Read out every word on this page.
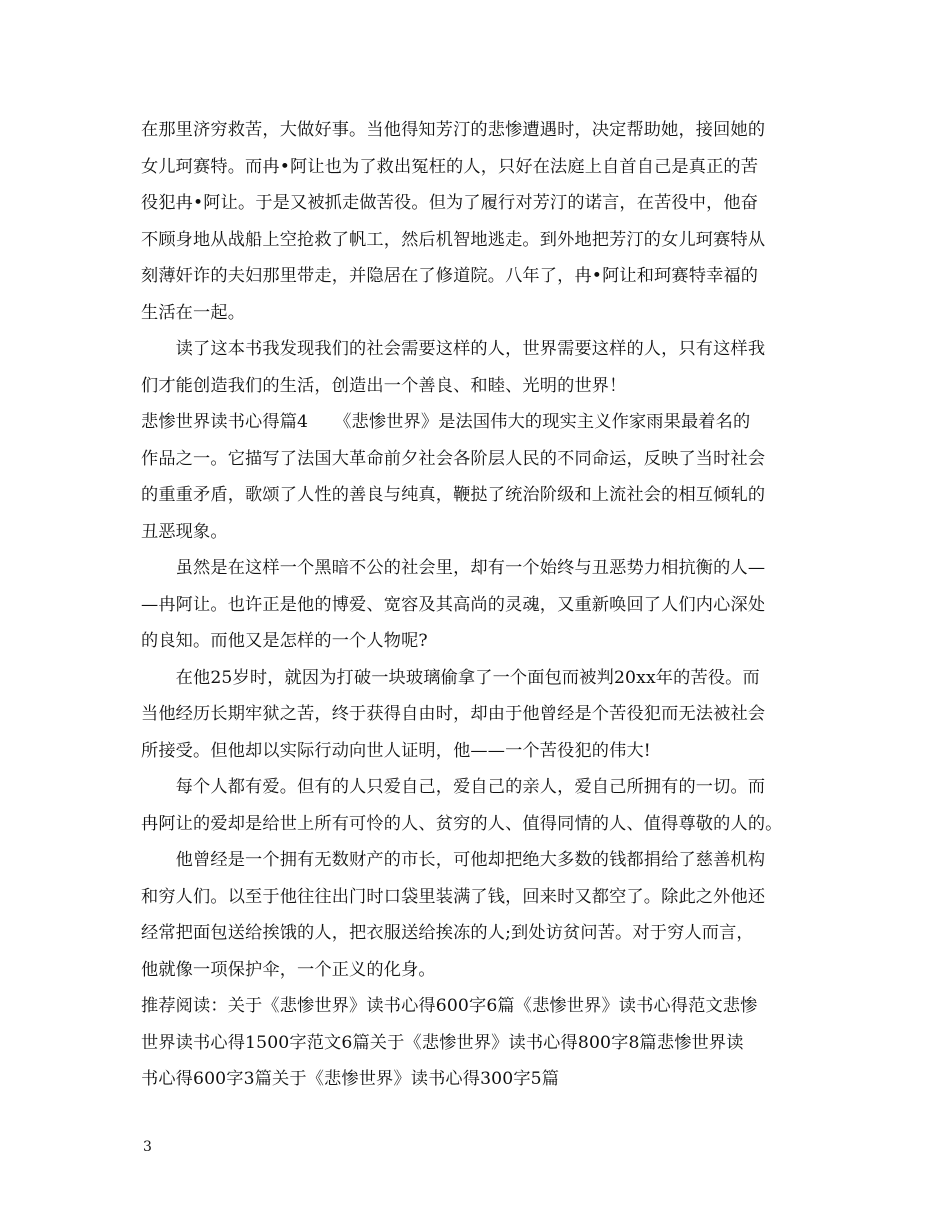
在那里济穷救苦，大做好事。当他得知芳汀的悲惨遭遇时，决定帮助她，接回她的
女儿珂赛特。而冉•阿让也为了救出冤枉的人，只好在法庭上自首自己是真正的苦
役犯冉•阿让。于是又被抓走做苦役。但为了履行对芳汀的诺言，在苦役中，他奋
不顾身地从战船上空抢救了帆工，然后机智地逃走。到外地把芳汀的女儿珂赛特从
刻薄奸诈的夫妇那里带走，并隐居在了修道院。八年了，冉•阿让和珂赛特幸福的
生活在一起。
　　读了这本书我发现我们的社会需要这样的人，世界需要这样的人，只有这样我
们才能创造我们的生活，创造出一个善良、和睦、光明的世界！
悲惨世界读书心得篇4　　《悲惨世界》是法国伟大的现实主义作家雨果最着名的
作品之一。它描写了法国大革命前夕社会各阶层人民的不同命运，反映了当时社会
的重重矛盾，歌颂了人性的善良与纯真，鞭挞了统治阶级和上流社会的相互倾轧的
丑恶现象。
　　虽然是在这样一个黑暗不公的社会里，却有一个始终与丑恶势力相抗衡的人—
—冉阿让。也许正是他的博爱、宽容及其高尚的灵魂，又重新唤回了人们内心深处
的良知。而他又是怎样的一个人物呢?
　　在他25岁时，就因为打破一块玻璃偷拿了一个面包而被判20xx年的苦役。而
当他经历长期牢狱之苦，终于获得自由时，却由于他曾经是个苦役犯而无法被社会
所接受。但他却以实际行动向世人证明，他——一个苦役犯的伟大!
　　每个人都有爱。但有的人只爱自己，爱自己的亲人，爱自己所拥有的一切。而
冉阿让的爱却是给世上所有可怜的人、贫穷的人、值得同情的人、值得尊敬的人的。
　　他曾经是一个拥有无数财产的市长，可他却把绝大多数的钱都捐给了慈善机构
和穷人们。以至于他往往出门时口袋里装满了钱，回来时又都空了。除此之外他还
经常把面包送给挨饿的人，把衣服送给挨冻的人;到处访贫问苦。对于穷人而言，
他就像一项保护伞，一个正义的化身。
推荐阅读：关于《悲惨世界》读书心得600字6篇《悲惨世界》读书心得范文悲惨
世界读书心得1500字范文6篇关于《悲惨世界》读书心得800字8篇悲惨世界读
书心得600字3篇关于《悲惨世界》读书心得300字5篇
3
